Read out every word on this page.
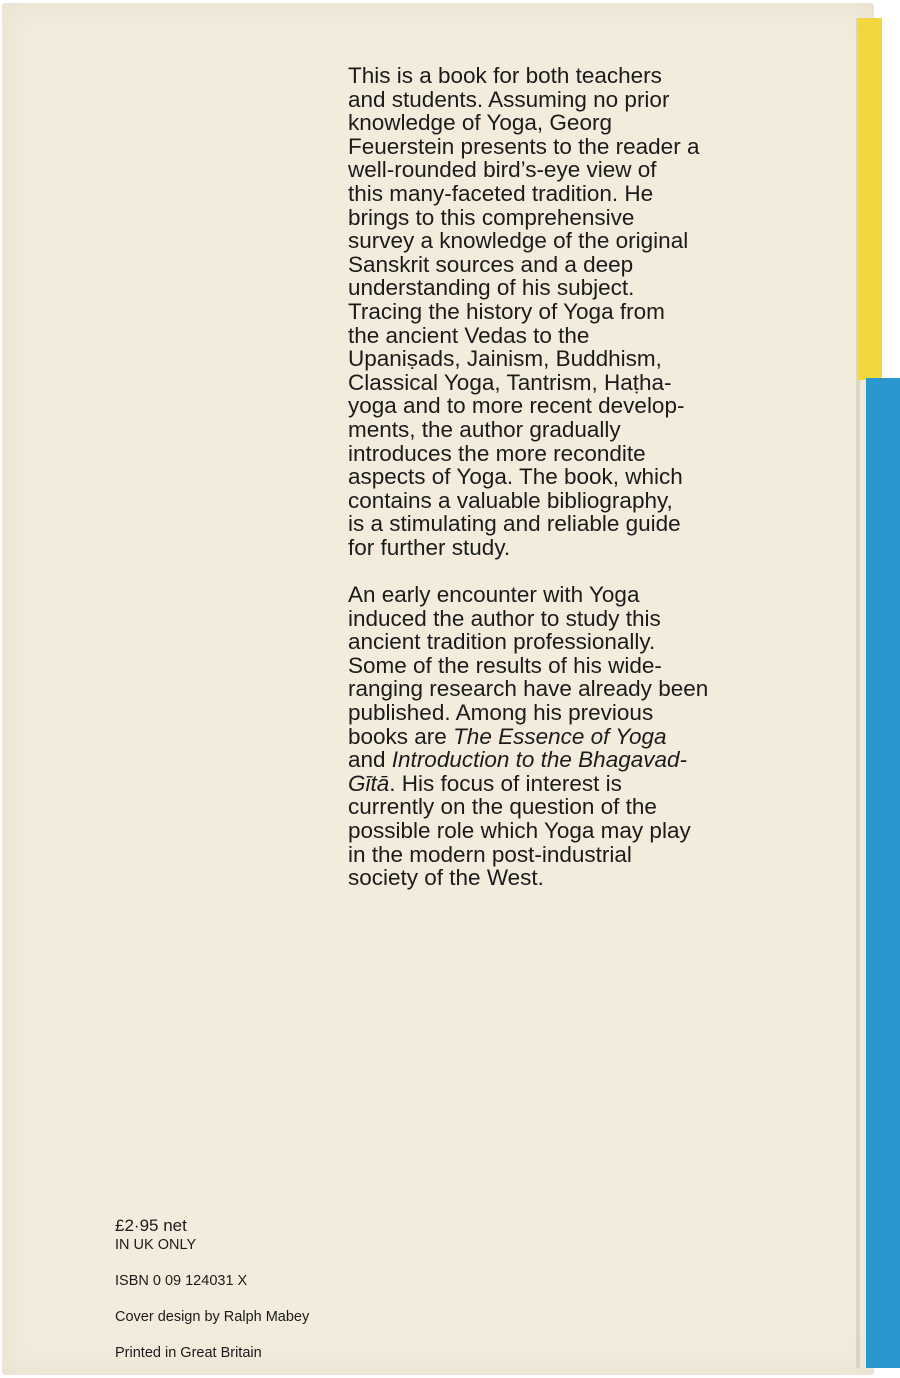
This is a book for both teachers
and students. Assuming no prior
knowledge of Yoga, Georg
Feuerstein presents to the reader a
well-rounded bird’s-eye view of
this many-faceted tradition. He
brings to this comprehensive
survey a knowledge of the original
Sanskrit sources and a deep
understanding of his subject.
Tracing the history of Yoga from
the ancient Vedas to the
Upaniṣads, Jainism, Buddhism,
Classical Yoga, Tantrism, Haṭha-
yoga and to more recent develop-
ments, the author gradually
introduces the more recondite
aspects of Yoga. The book, which
contains a valuable bibliography,
is a stimulating and reliable guide
for further study.
An early encounter with Yoga
induced the author to study this
ancient tradition professionally.
Some of the results of his wide-
ranging research have already been
published. Among his previous
books are The Essence of Yoga
and Introduction to the Bhagavad-
Gītā. His focus of interest is
currently on the question of the
possible role which Yoga may play
in the modern post-industrial
society of the West.
£2·95 net
IN UK ONLY
ISBN 0 09 124031 X
Cover design by Ralph Mabey
Printed in Great Britain
